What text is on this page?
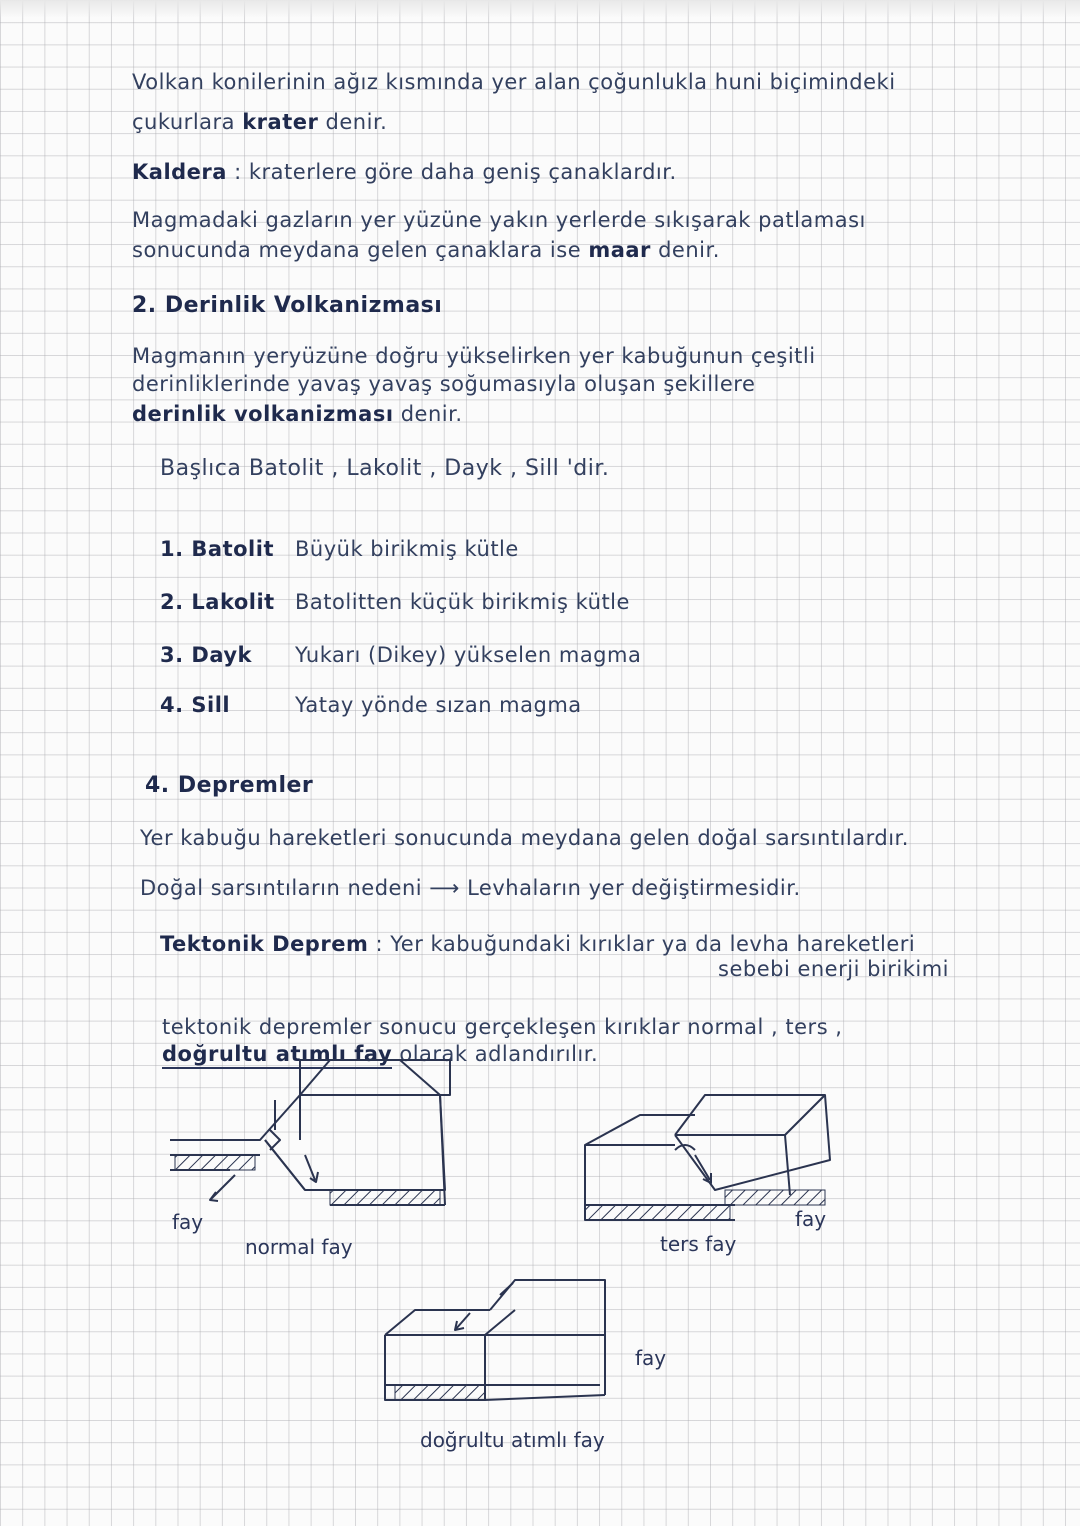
Volkan konilerinin ağız kısmında yer alan çoğunlukla huni biçimindeki
çukurlara krater denir.
Kaldera : kraterlere göre daha geniş çanaklardır.
Magmadaki gazların yer yüzüne yakın yerlerde sıkışarak patlaması
sonucunda meydana gelen çanaklara ise maar denir.
2. Derinlik Volkanizması
Magmanın yeryüzüne doğru yükselirken yer kabuğunun çeşitli
derinliklerinde yavaş yavaş soğumasıyla oluşan şekillere
derinlik volkanizması denir.
Başlıca Batolit , Lakolit , Dayk , Sill 'dir.
1. Batolit Büyük birikmiş kütle
2. Lakolit Batolitten küçük birikmiş kütle
3. Dayk Yukarı (Dikey) yükselen magma
4. Sill	Yatay yönde sızan magma
4. Depremler
Yer kabuğu hareketleri sonucunda meydana gelen doğal sarsıntılardır.
Doğal sarsıntıların nedeni ⟶ Levhaların yer değiştirmesidir.
Tektonik Deprem : Yer kabuğundaki kırıklar ya da levha hareketleri
sebebi enerji birikimi
tektonik depremler sonucu gerçekleşen kırıklar normal , ters ,
doğrultu atımlı fay olarak adlandırılır.
fay
normal fay
fay
ters fay
fay
doğrultu atımlı fay
